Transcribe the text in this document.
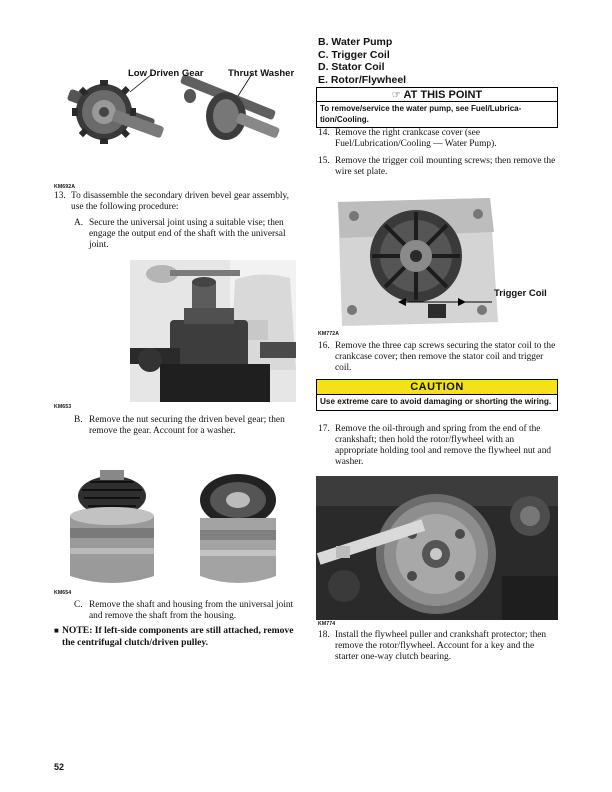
Low Driven Gear	Thrust Washer
KM692A
13. To disassemble the secondary driven bevel gear assembly, use the following procedure:
A. Secure the universal joint using a suitable vise; then engage the output end of the shaft with the universal joint.
KM653
B. Remove the nut securing the driven bevel gear; then remove the gear. Account for a washer.
KM654
C. Remove the shaft and housing from the universal joint and remove the shaft from the housing.
■ NOTE: If left-side components are still attached, remove the centrifugal clutch/driven pulley.
52
B. Water Pump
C. Trigger Coil
D. Stator Coil
E. Rotor/Flywheel
☞ AT THIS POINT
To remove/service the water pump, see Fuel/Lubrica-tion/Cooling.
14. Remove the right crankcase cover (see Fuel/Lubrication/Cooling — Water Pump).
15. Remove the trigger coil mounting screws; then remove the wire set plate.
Trigger Coil
KM772A
16. Remove the three cap screws securing the stator coil to the crankcase cover; then remove the stator coil and trigger coil.
CAUTION
Use extreme care to avoid damaging or shorting the wiring.
17. Remove the oil-through and spring from the end of the crankshaft; then hold the rotor/flywheel with an appropriate holding tool and remove the flywheel nut and washer.
KM774
18. Install the flywheel puller and crankshaft protector; then remove the rotor/flywheel. Account for a key and the starter one-way clutch bearing.
